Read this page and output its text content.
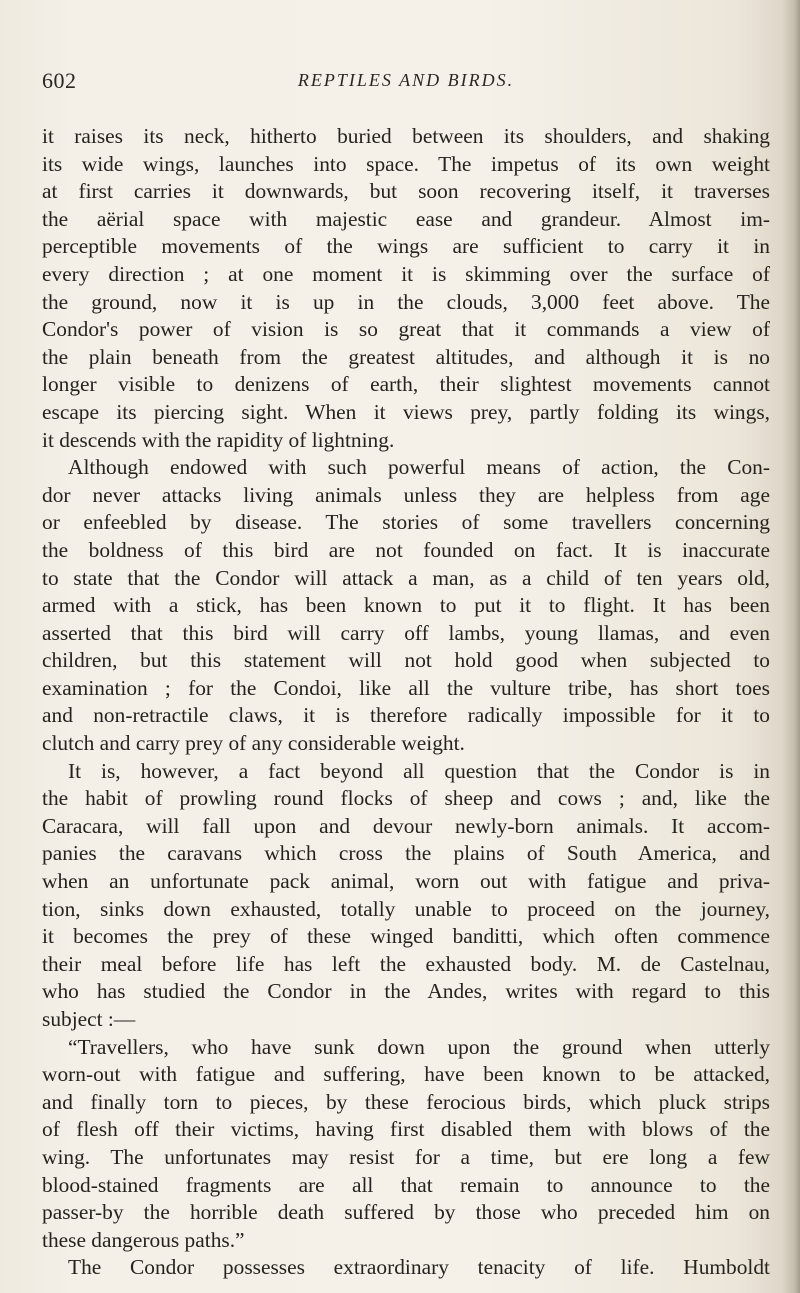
602	REPTILES AND BIRDS.
it raises its neck, hitherto buried between its shoulders, and shaking
its wide wings, launches into space. The impetus of its own weight
at first carries it downwards, but soon recovering itself, it traverses
the aërial space with majestic ease and grandeur. Almost im-
perceptible movements of the wings are sufficient to carry it in
every direction ; at one moment it is skimming over the surface of
the ground, now it is up in the clouds, 3,000 feet above. The
Condor's power of vision is so great that it commands a view of
the plain beneath from the greatest altitudes, and although it is no
longer visible to denizens of earth, their slightest movements cannot
escape its piercing sight. When it views prey, partly folding its wings,
it descends with the rapidity of lightning.
Although endowed with such powerful means of action, the Con-
dor never attacks living animals unless they are helpless from age
or enfeebled by disease. The stories of some travellers concerning
the boldness of this bird are not founded on fact. It is inaccurate
to state that the Condor will attack a man, as a child of ten years old,
armed with a stick, has been known to put it to flight. It has been
asserted that this bird will carry off lambs, young llamas, and even
children, but this statement will not hold good when subjected to
examination ; for the Condoi, like all the vulture tribe, has short toes
and non-retractile claws, it is therefore radically impossible for it to
clutch and carry prey of any considerable weight.
It is, however, a fact beyond all question that the Condor is in
the habit of prowling round flocks of sheep and cows ; and, like the
Caracara, will fall upon and devour newly-born animals. It accom-
panies the caravans which cross the plains of South America, and
when an unfortunate pack animal, worn out with fatigue and priva-
tion, sinks down exhausted, totally unable to proceed on the journey,
it becomes the prey of these winged banditti, which often commence
their meal before life has left the exhausted body. M. de Castelnau,
who has studied the Condor in the Andes, writes with regard to this
subject :—
“Travellers, who have sunk down upon the ground when utterly
worn-out with fatigue and suffering, have been known to be attacked,
and finally torn to pieces, by these ferocious birds, which pluck strips
of flesh off their victims, having first disabled them with blows of the
wing. The unfortunates may resist for a time, but ere long a few
blood-stained fragments are all that remain to announce to the
passer-by the horrible death suffered by those who preceded him on
these dangerous paths.”
The Condor possesses extraordinary tenacity of life. Humboldt
